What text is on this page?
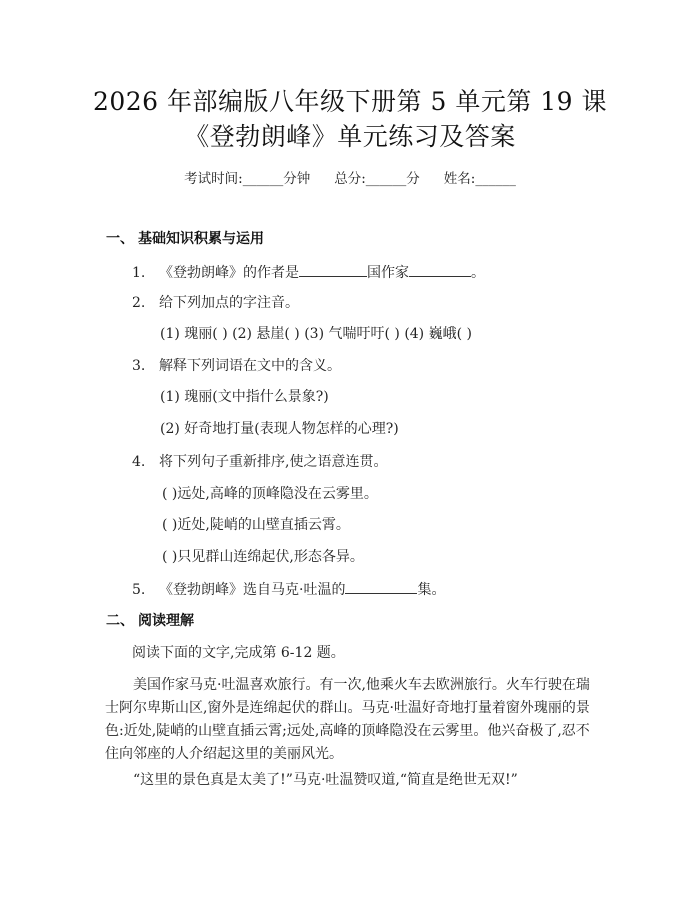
2026 年部编版八年级下册第 5 单元第 19 课
《登勃朗峰》单元练习及答案
考试时间:______分钟 总分:______分 姓名:______
一、 基础知识积累与运用
1. 《登勃朗峰》的作者是	国作家	。
2. 给下列加点的字注音。
(1) 瑰丽( ) (2) 悬崖( ) (3) 气喘吁吁( ) (4) 巍峨( )
3. 解释下列词语在文中的含义。
(1) 瑰丽(文中指什么景象?)
(2) 好奇地打量(表现人物怎样的心理?)
4. 将下列句子重新排序,使之语意连贯。
( )远处,高峰的顶峰隐没在云雾里。
( )近处,陡峭的山壁直插云霄。
( )只见群山连绵起伏,形态各异。
5. 《登勃朗峰》选自马克·吐温的	集。
二、 阅读理解
阅读下面的文字,完成第 6-12 题。
美国作家马克·吐温喜欢旅行。有一次,他乘火车去欧洲旅行。火车行驶在瑞士阿尔卑斯山区,窗外是连绵起伏的群山。马克·吐温好奇地打量着窗外瑰丽的景色:近处,陡峭的山壁直插云霄;远处,高峰的顶峰隐没在云雾里。他兴奋极了,忍不住向邻座的人介绍起这里的美丽风光。
“这里的景色真是太美了!”马克·吐温赞叹道,“简直是绝世无双!”
